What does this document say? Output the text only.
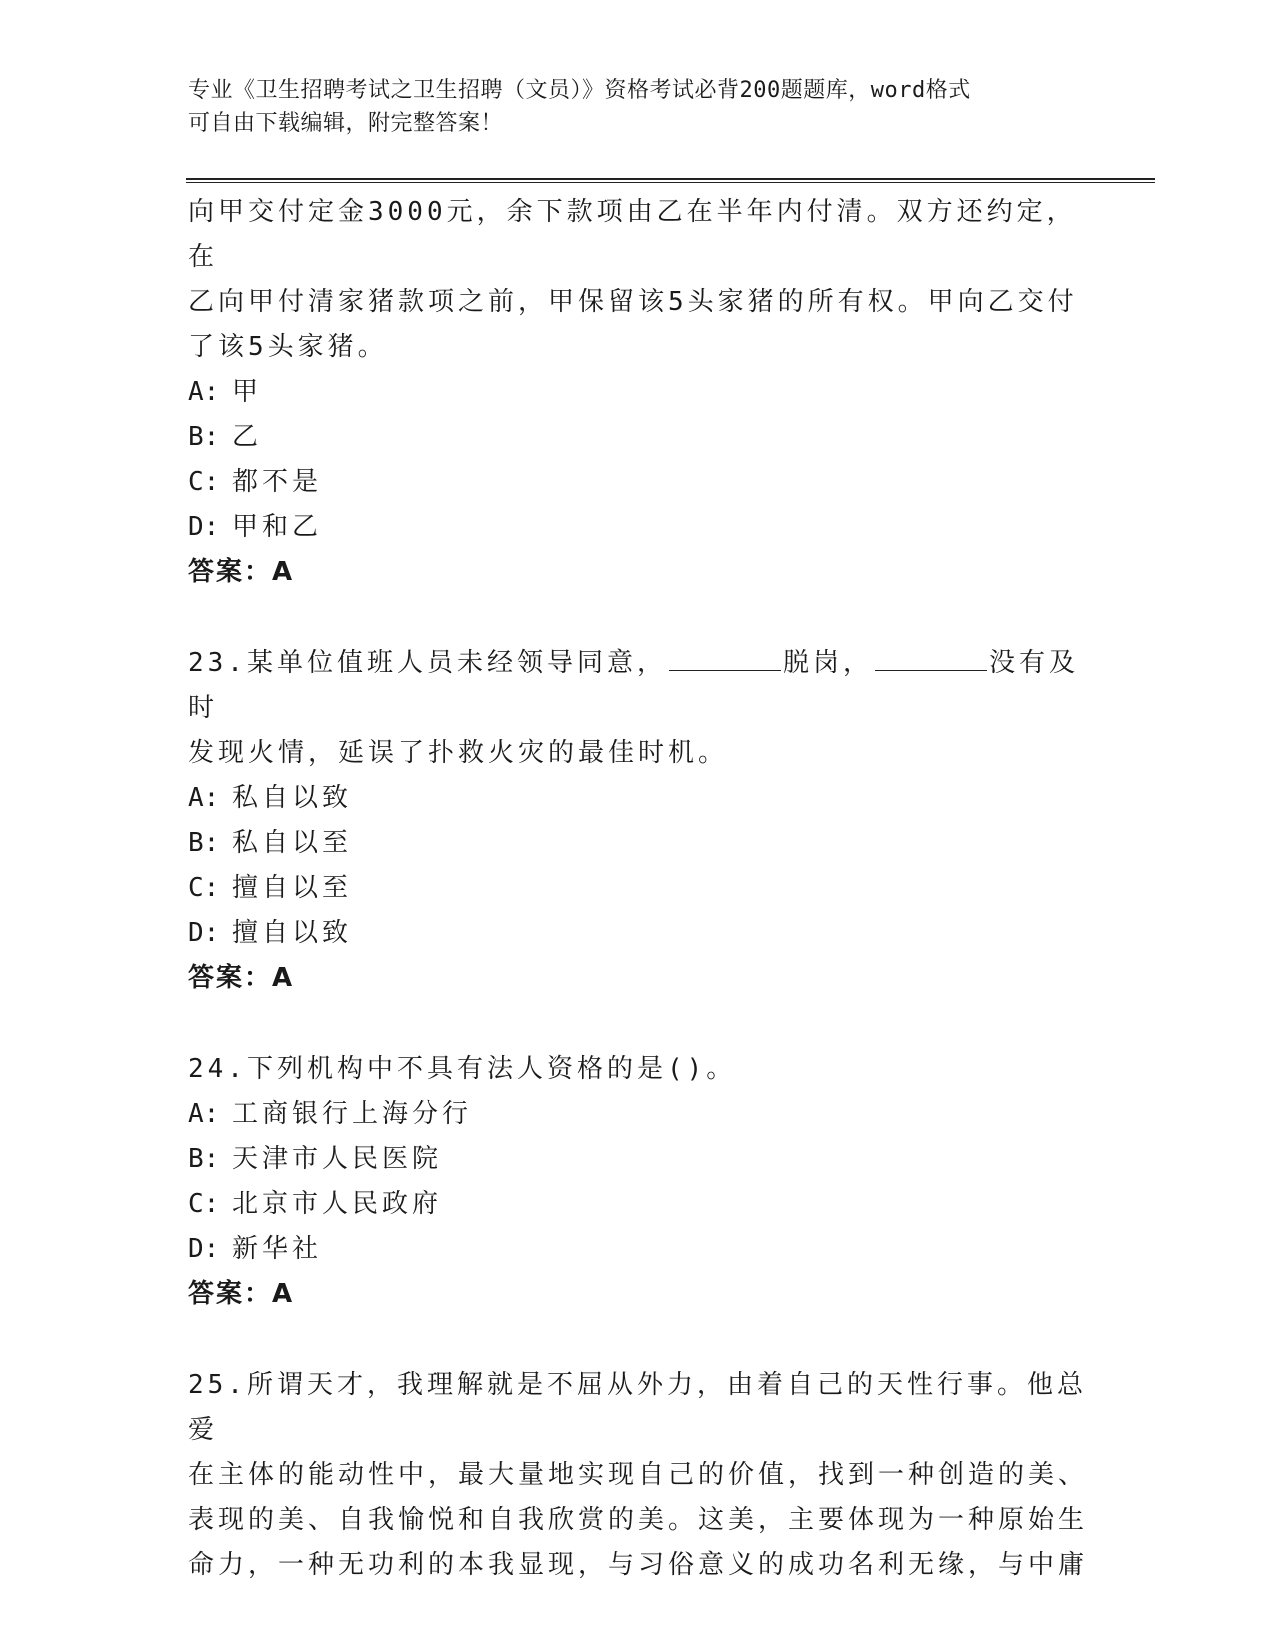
专业《卫生招聘考试之卫生招聘（文员）》资格考试必背200题题库，word格式
可自由下载编辑，附完整答案！

向甲交付定金3000元，余下款项由乙在半年内付清。双方还约定，在

乙向甲付清家猪款项之前，甲保留该5头家猪的所有权。甲向乙交付

了该5头家猪。

A: 甲

B: 乙

C: 都不是

D: 甲和乙

答案：A

23.某单位值班人员未经领导同意，	脱岗，	没有及时

发现火情，延误了扑救火灾的最佳时机。

A: 私自以致

B: 私自以至

C: 擅自以至

D: 擅自以致

答案：A

24.下列机构中不具有法人资格的是()。

A: 工商银行上海分行

B: 天津市人民医院

C: 北京市人民政府

D: 新华社

答案：A

25.所谓天才，我理解就是不屈从外力，由着自己的天性行事。他总爱

在主体的能动性中，最大量地实现自己的价值，找到一种创造的美、

表现的美、自我愉悦和自我欣赏的美。这美，主要体现为一种原始生

命力，一种无功利的本我显现，与习俗意义的成功名利无缘，与中庸
